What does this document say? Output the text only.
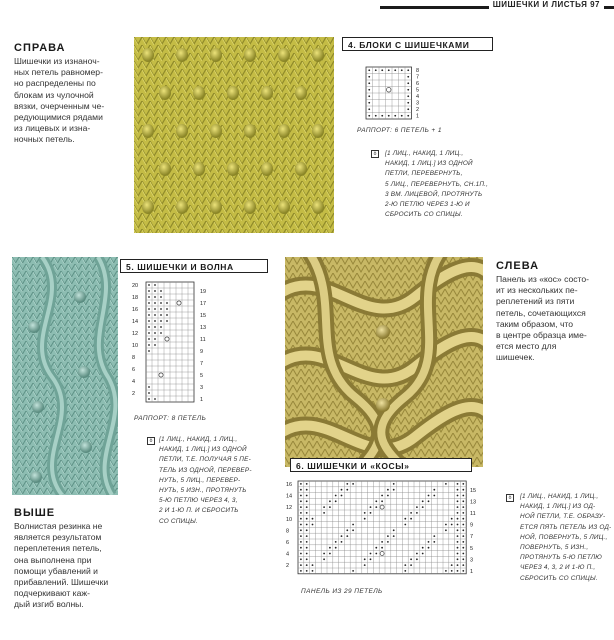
ШИШЕЧКИ И ЛИСТЬЯ 97
СПРАВА
Шишечки из изнаноч-
ных петель равномер-
но распределены по
блокам из чулочной
вязки, очерченным че-
редующимися рядами
из лицевых и изна-
ночных петель.
4. БЛОКИ С ШИШЕЧКАМИ
8
7
6
5
4
3
2
1
РАППОРТ: 6 ПЕТЕЛЬ + 1
ò	[1 ЛИЦ., НАКИД, 1 ЛИЦ.,
НАКИД, 1 ЛИЦ.] ИЗ ОДНОЙ
ПЕТЛИ, ПЕРЕВЕРНУТЬ,
5 ЛИЦ., ПЕРЕВЕРНУТЬ, СН.1П.,
3 ВМ. ЛИЦЕВОЙ, ПРОТЯНУТЬ
2-Ю ПЕТЛЮ ЧЕРЕЗ 1-Ю И
СБРОСИТЬ СО СПИЦЫ.
5. ШИШЕЧКИ И ВОЛНА
20
18
16
14
12
10
8
6
4
2
19
17
15
13
11
9
7
5
3
1
РАППОРТ: 8 ПЕТЕЛЬ
ò	[1 ЛИЦ., НАКИД, 1 ЛИЦ.,
НАКИД, 1 ЛИЦ.] ИЗ ОДНОЙ
ПЕТЛИ, Т.Е. ПОЛУЧАЯ 5 ПЕ-
ТЕЛЬ ИЗ ОДНОЙ, ПЕРЕВЕР-
НУТЬ, 5 ЛИЦ., ПЕРЕВЕР-
НУТЬ, 5 ИЗН., ПРОТЯНУТЬ
5-Ю ПЕТЛЮ ЧЕРЕЗ 4, 3,
2 И 1-Ю П. И СБРОСИТЬ
СО СПИЦЫ.
ВЫШЕ
Волнистая резинка не
является результатом
переплетения петель,
она выполнена при
помощи убавлений и
прибавлений. Шишечки
подчеркивают каж-
дый изгиб волны.
СЛЕВА
Панель из «кос» состо-
ит из нескольких пе-
реплетений из пяти
петель, сочетающихся
таким образом, что
в центре образца име-
ется место для
шишечек.
6. ШИШЕЧКИ И «КОСЫ»
16
14
12
10
8
6
4
2
15
13
11
9
7
5
3
1
ПАНЕЛЬ ИЗ 29 ПЕТЕЛЬ
ò	[1 ЛИЦ., НАКИД, 1 ЛИЦ.,
НАКИД, 1 ЛИЦ.] ИЗ ОД-
НОЙ ПЕТЛИ, Т.Е. ОБРАЗУ-
ЕТСЯ ПЯТЬ ПЕТЕЛЬ ИЗ ОД-
НОЙ, ПОВЕРНУТЬ, 5 ЛИЦ.,
ПОВЕРНУТЬ, 5 ИЗН.,
ПРОТЯНУТЬ 5-Ю ПЕТЛЮ
ЧЕРЕЗ 4, 3, 2 И 1-Ю П.,
СБРОСИТЬ СО СПИЦЫ.
